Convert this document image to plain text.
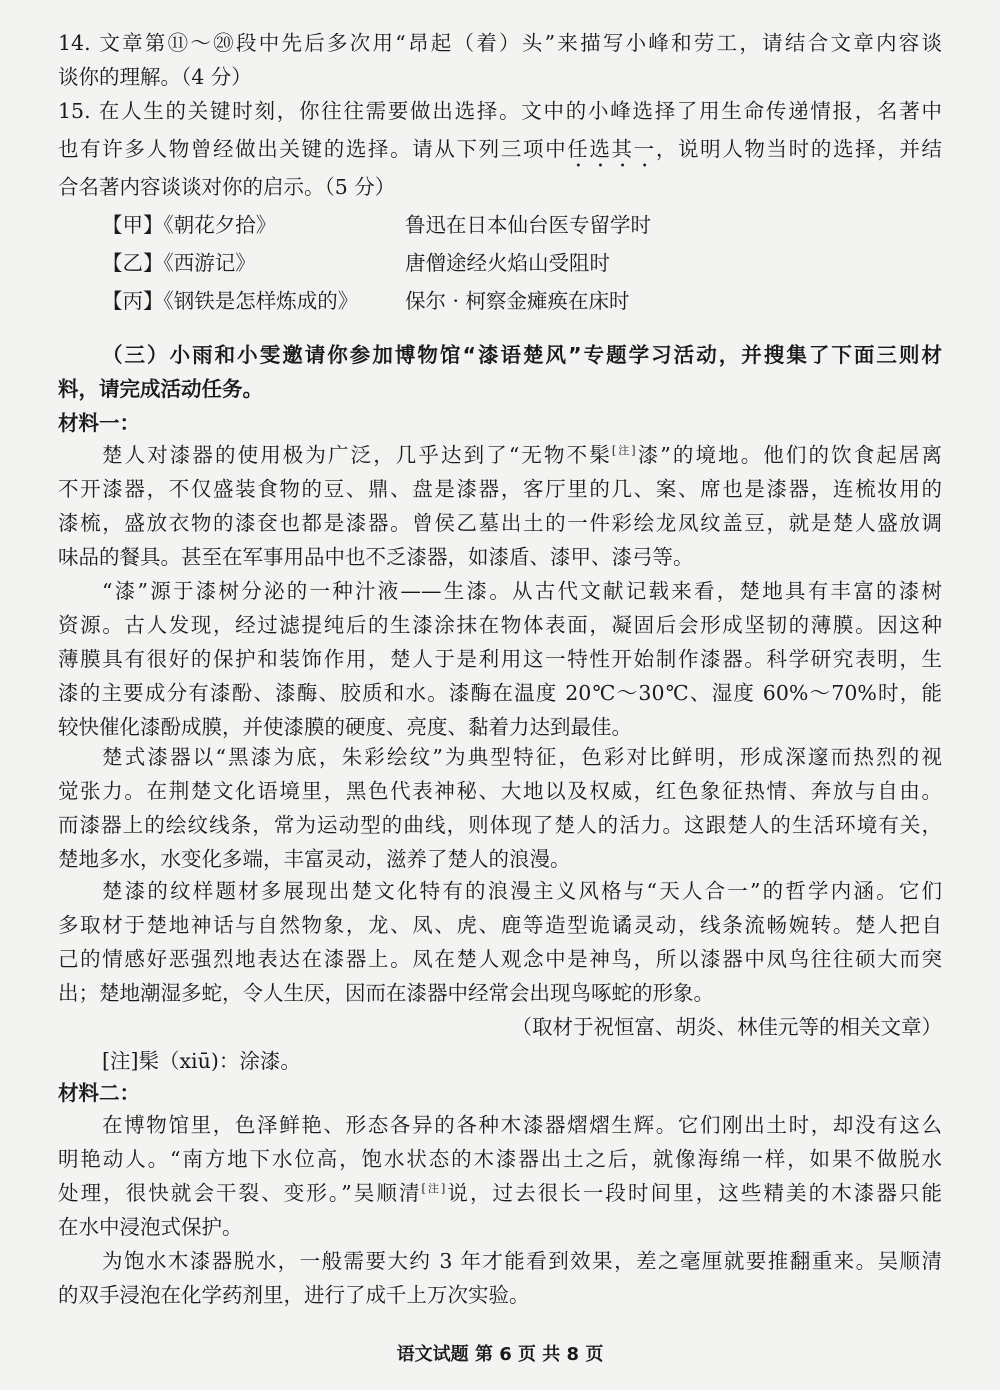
14. 文章第⑪～⑳段中先后多次用“昂起（着）头”来描写小峰和劳工，请结合文章内容谈
谈你的理解。（4 分）
15. 在人生的关键时刻，你往往需要做出选择。文中的小峰选择了用生命传递情报，名著中
也有许多人物曾经做出关键的选择。请从下列三项中任选其一，说明人物当时的选择，并结
合名著内容谈谈对你的启示。（5 分）
【甲】《朝花夕拾》	鲁迅在日本仙台医专留学时
【乙】《西游记》	唐僧途经火焰山受阻时
【丙】《钢铁是怎样炼成的》 保尔 · 柯察金瘫痪在床时
（三）小雨和小雯邀请你参加博物馆“漆语楚风”专题学习活动，并搜集了下面三则材
料，请完成活动任务。
材料一：
楚人对漆器的使用极为广泛，几乎达到了“无物不髤[注]漆”的境地。他们的饮食起居离
不开漆器，不仅盛装食物的豆、鼎、盘是漆器，客厅里的几、案、席也是漆器，连梳妆用的
漆梳，盛放衣物的漆奁也都是漆器。曾侯乙墓出土的一件彩绘龙凤纹盖豆，就是楚人盛放调
味品的餐具。甚至在军事用品中也不乏漆器，如漆盾、漆甲、漆弓等。
“漆”源于漆树分泌的一种汁液——生漆。从古代文献记载来看，楚地具有丰富的漆树
资源。古人发现，经过滤提纯后的生漆涂抹在物体表面，凝固后会形成坚韧的薄膜。因这种
薄膜具有很好的保护和装饰作用，楚人于是利用这一特性开始制作漆器。科学研究表明，生
漆的主要成分有漆酚、漆酶、胶质和水。漆酶在温度 20℃～30℃、湿度 60%～70%时，能
较快催化漆酚成膜，并使漆膜的硬度、亮度、黏着力达到最佳。
楚式漆器以“黑漆为底，朱彩绘纹”为典型特征，色彩对比鲜明，形成深邃而热烈的视
觉张力。在荆楚文化语境里，黑色代表神秘、大地以及权威，红色象征热情、奔放与自由。
而漆器上的绘纹线条，常为运动型的曲线，则体现了楚人的活力。这跟楚人的生活环境有关，
楚地多水，水变化多端，丰富灵动，滋养了楚人的浪漫。
楚漆的纹样题材多展现出楚文化特有的浪漫主义风格与“天人合一”的哲学内涵。它们
多取材于楚地神话与自然物象，龙、凤、虎、鹿等造型诡谲灵动，线条流畅婉转。楚人把自
己的情感好恶强烈地表达在漆器上。凤在楚人观念中是神鸟，所以漆器中凤鸟往往硕大而突
出；楚地潮湿多蛇，令人生厌，因而在漆器中经常会出现鸟啄蛇的形象。
（取材于祝恒富、胡炎、林佳元等的相关文章）
[注]髤（xiū)：涂漆。
材料二：
在博物馆里，色泽鲜艳、形态各异的各种木漆器熠熠生辉。它们刚出土时，却没有这么
明艳动人。“南方地下水位高，饱水状态的木漆器出土之后，就像海绵一样，如果不做脱水
处理，很快就会干裂、变形。”吴顺清[注]说，过去很长一段时间里，这些精美的木漆器只能
在水中浸泡式保护。
为饱水木漆器脱水，一般需要大约 3 年才能看到效果，差之毫厘就要推翻重来。吴顺清
的双手浸泡在化学药剂里，进行了成千上万次实验。
语文试题 第 6 页 共 8 页
